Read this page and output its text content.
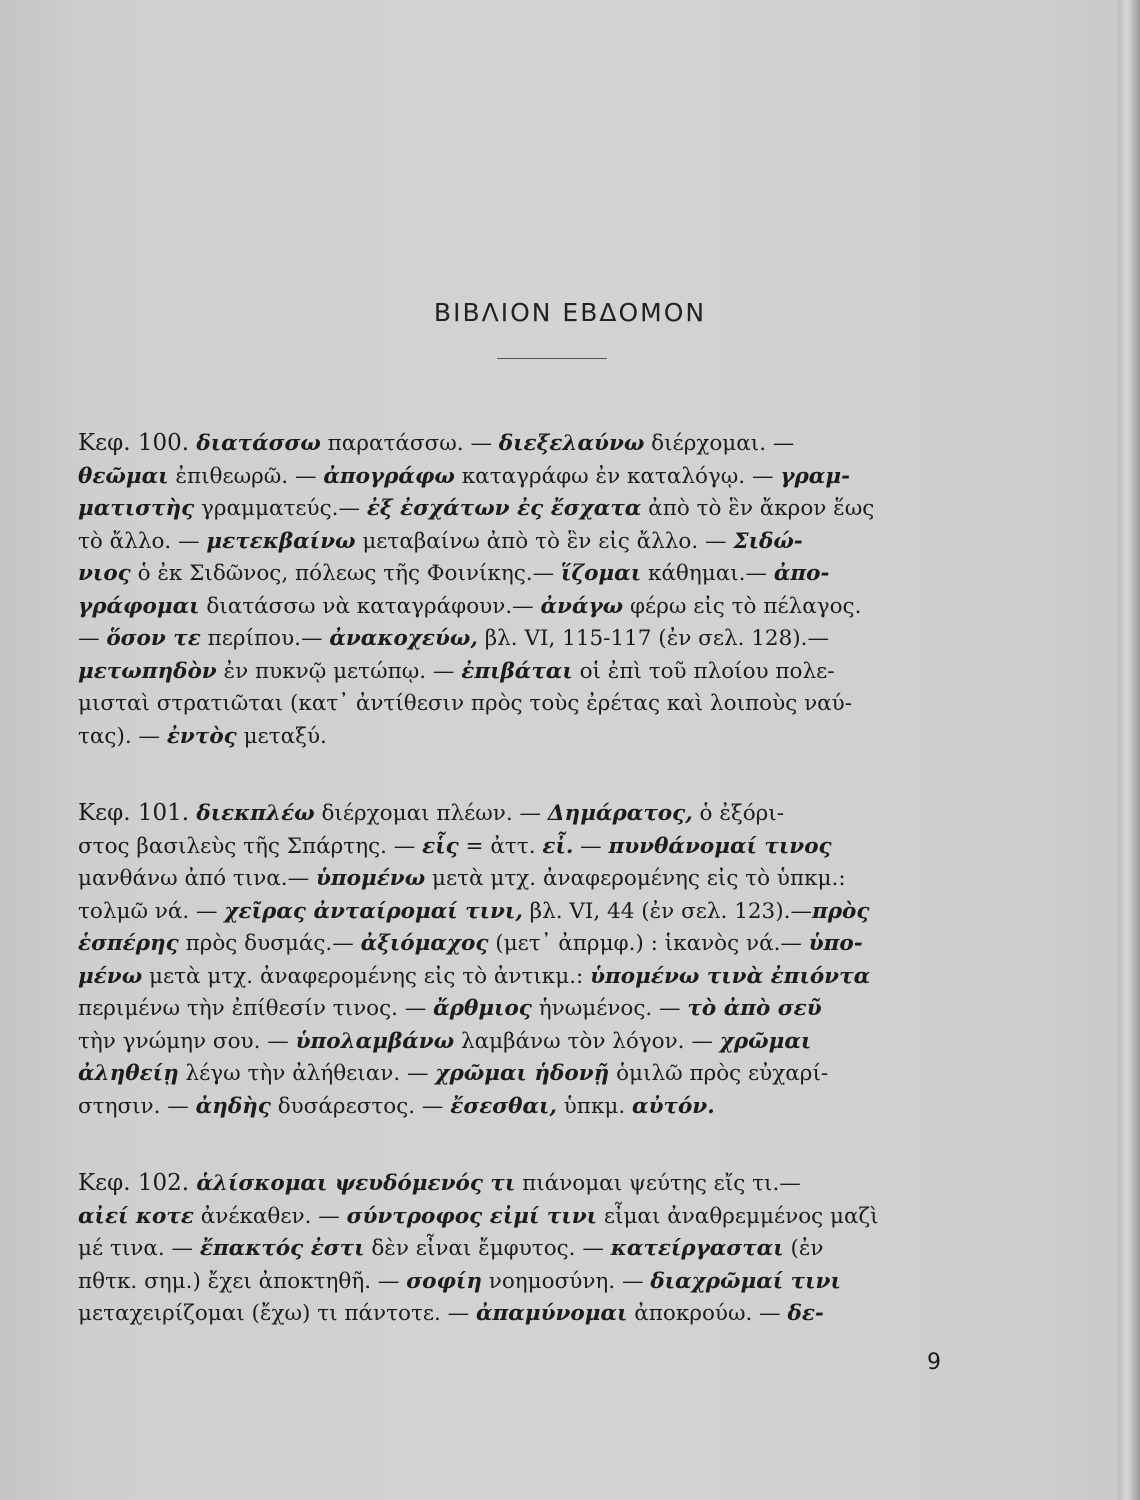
ΒΙΒΛΙΟΝ ΕΒΔΟΜΟΝ
Κεφ. 100. διατάσσω παρατάσσω. — διεξελαύνω διέρχομαι. —
θεῶμαι ἐπιθεωρῶ. — ἀπογράφω καταγράφω ἐν καταλόγῳ. — γραμ-
ματιστὴς γραμματεύς.— ἐξ ἐσχάτων ἐς ἔσχατα ἀπὸ τὸ ἓν ἄκρον ἕως
τὸ ἄλλο. — μετεκβαίνω μεταβαίνω ἀπὸ τὸ ἓν εἰς ἄλλο. — Σιδώ-
νιος ὁ ἐκ Σιδῶνος, πόλεως τῆς Φοινίκης.— ἵζομαι κάθημαι.— ἀπο-
γράφομαι διατάσσω νὰ καταγράφουν.— ἀνάγω φέρω εἰς τὸ πέλαγος.
— ὅσον τε περίπου.— ἀνακοχεύω, βλ. VI, 115-117 (ἐν σελ. 128).—
μετωπηδὸν ἐν πυκνῷ μετώπῳ. — ἐπιβάται οἱ ἐπὶ τοῦ πλοίου πολε-
μισταὶ στρατιῶται (κατ᾽ ἀντίθεσιν πρὸς τοὺς ἐρέτας καὶ λοιποὺς ναύ-
τας). — ἐντὸς μεταξύ.
Κεφ. 101. διεκπλέω διέρχομαι πλέων. — Δημάρατος, ὁ ἐξόρι-
στος βασιλεὺς τῆς Σπάρτης. — εἷς = ἀττ. εἶ. — πυνθάνομαί τινος
μανθάνω ἀπό τινα.— ὑπομένω μετὰ μτχ. ἀναφερομένης εἰς τὸ ὑπκμ.:
τολμῶ νά. — χεῖρας ἀνταίρομαί τινι, βλ. VI, 44 (ἐν σελ. 123).—πρὸς
ἑσπέρης πρὸς δυσμάς.— ἀξιόμαχος (μετ᾽ ἀπρμφ.) : ἱκανὸς νά.— ὑπο-
μένω μετὰ μτχ. ἀναφερομένης εἰς τὸ ἀντικμ.: ὑπομένω τινὰ ἐπιόντα
περιμένω τὴν ἐπίθεσίν τινος. — ἄρθμιος ἡνωμένος. — τὸ ἀπὸ σεῦ
τὴν γνώμην σου. — ὑπολαμβάνω λαμβάνω τὸν λόγον. — χρῶμαι
ἀληθείῃ λέγω τὴν ἀλήθειαν. — χρῶμαι ἡδονῇ ὁμιλῶ πρὸς εὐχαρί-
στησιν. — ἀηδὴς δυσάρεστος. — ἔσεσθαι, ὑπκμ. αὐτόν.
Κεφ. 102. ἁλίσκομαι ψευδόμενός τι πιάνομαι ψεύτης εἴς τι.—
αἰεί κοτε ἀνέκαθεν. — σύντροφος εἰμί τινι εἶμαι ἀναθρεμμένος μαζὶ
μέ τινα. — ἔπακτός ἐστι δὲν εἶναι ἔμφυτος. — κατείργασται (ἐν
πθτκ. σημ.) ἔχει ἀποκτηθῆ. — σοφίη νοημοσύνη. — διαχρῶμαί τινι
μεταχειρίζομαι (ἔχω) τι πάντοτε. — ἀπαμύνομαι ἀποκρούω. — δε-
9
